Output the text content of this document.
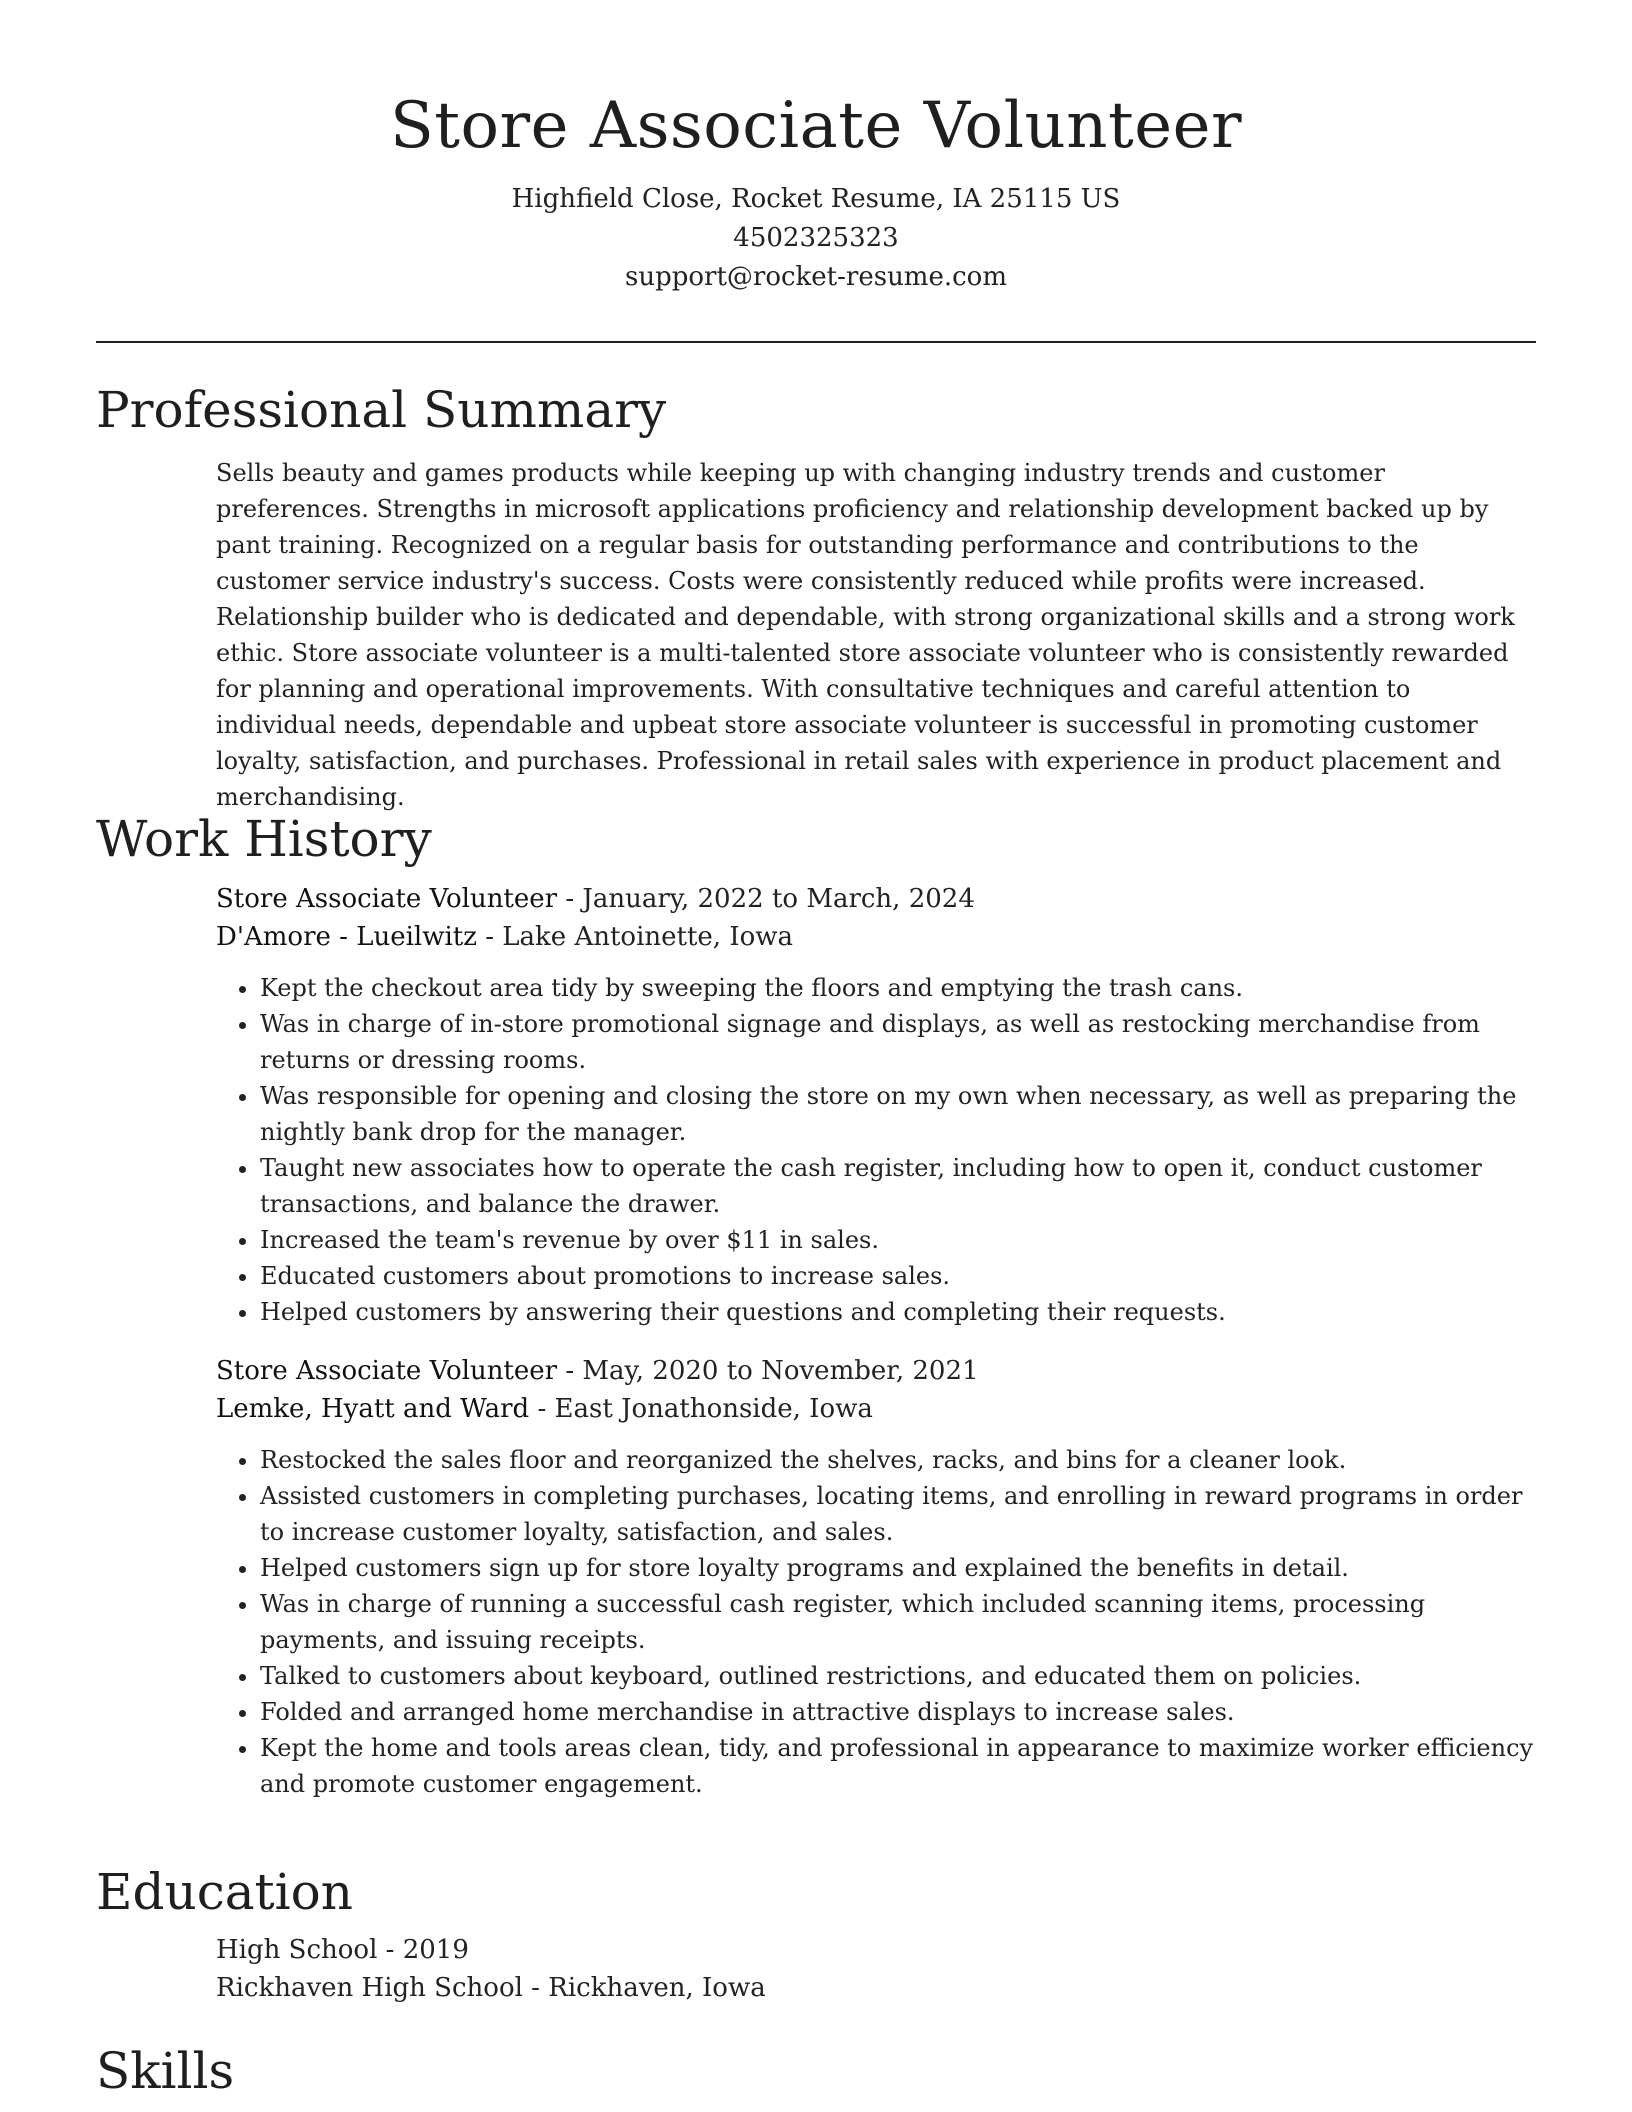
Store Associate Volunteer
Highfield Close, Rocket Resume, IA 25115 US
4502325323
support@rocket-resume.com
Professional Summary

Sells beauty and games products while keeping up with changing industry trends and customer preferences. Strengths in microsoft applications proficiency and relationship development backed up by pant training. Recognized on a regular basis for outstanding performance and contributions to the customer service industry's success. Costs were consistently reduced while profits were increased. Relationship builder who is dedicated and dependable, with strong organizational skills and a strong work ethic. Store associate volunteer is a multi-talented store associate volunteer who is consistently rewarded for planning and operational improvements. With consultative techniques and careful attention to individual needs, dependable and upbeat store associate volunteer is successful in promoting customer loyalty, satisfaction, and purchases. Professional in retail sales with experience in product placement and merchandising.

Work History
Store Associate Volunteer - January, 2022 to March, 2024
D'Amore - Lueilwitz - Lake Antoinette, Iowa
• Kept the checkout area tidy by sweeping the floors and emptying the trash cans.
• Was in charge of in-store promotional signage and displays, as well as restocking merchandise from returns or dressing rooms.
• Was responsible for opening and closing the store on my own when necessary, as well as preparing the nightly bank drop for the manager.
• Taught new associates how to operate the cash register, including how to open it, conduct customer transactions, and balance the drawer.
• Increased the team's revenue by over $11 in sales.
• Educated customers about promotions to increase sales.
• Helped customers by answering their questions and completing their requests.
Store Associate Volunteer - May, 2020 to November, 2021
Lemke, Hyatt and Ward - East Jonathonside, Iowa
• Restocked the sales floor and reorganized the shelves, racks, and bins for a cleaner look.
• Assisted customers in completing purchases, locating items, and enrolling in reward programs in order to increase customer loyalty, satisfaction, and sales.
• Helped customers sign up for store loyalty programs and explained the benefits in detail.
• Was in charge of running a successful cash register, which included scanning items, processing payments, and issuing receipts.
• Talked to customers about keyboard, outlined restrictions, and educated them on policies.
• Folded and arranged home merchandise in attractive displays to increase sales.
• Kept the home and tools areas clean, tidy, and professional in appearance to maximize worker efficiency and promote customer engagement.
Education
High School - 2019
Rickhaven High School - Rickhaven, Iowa
Skills
